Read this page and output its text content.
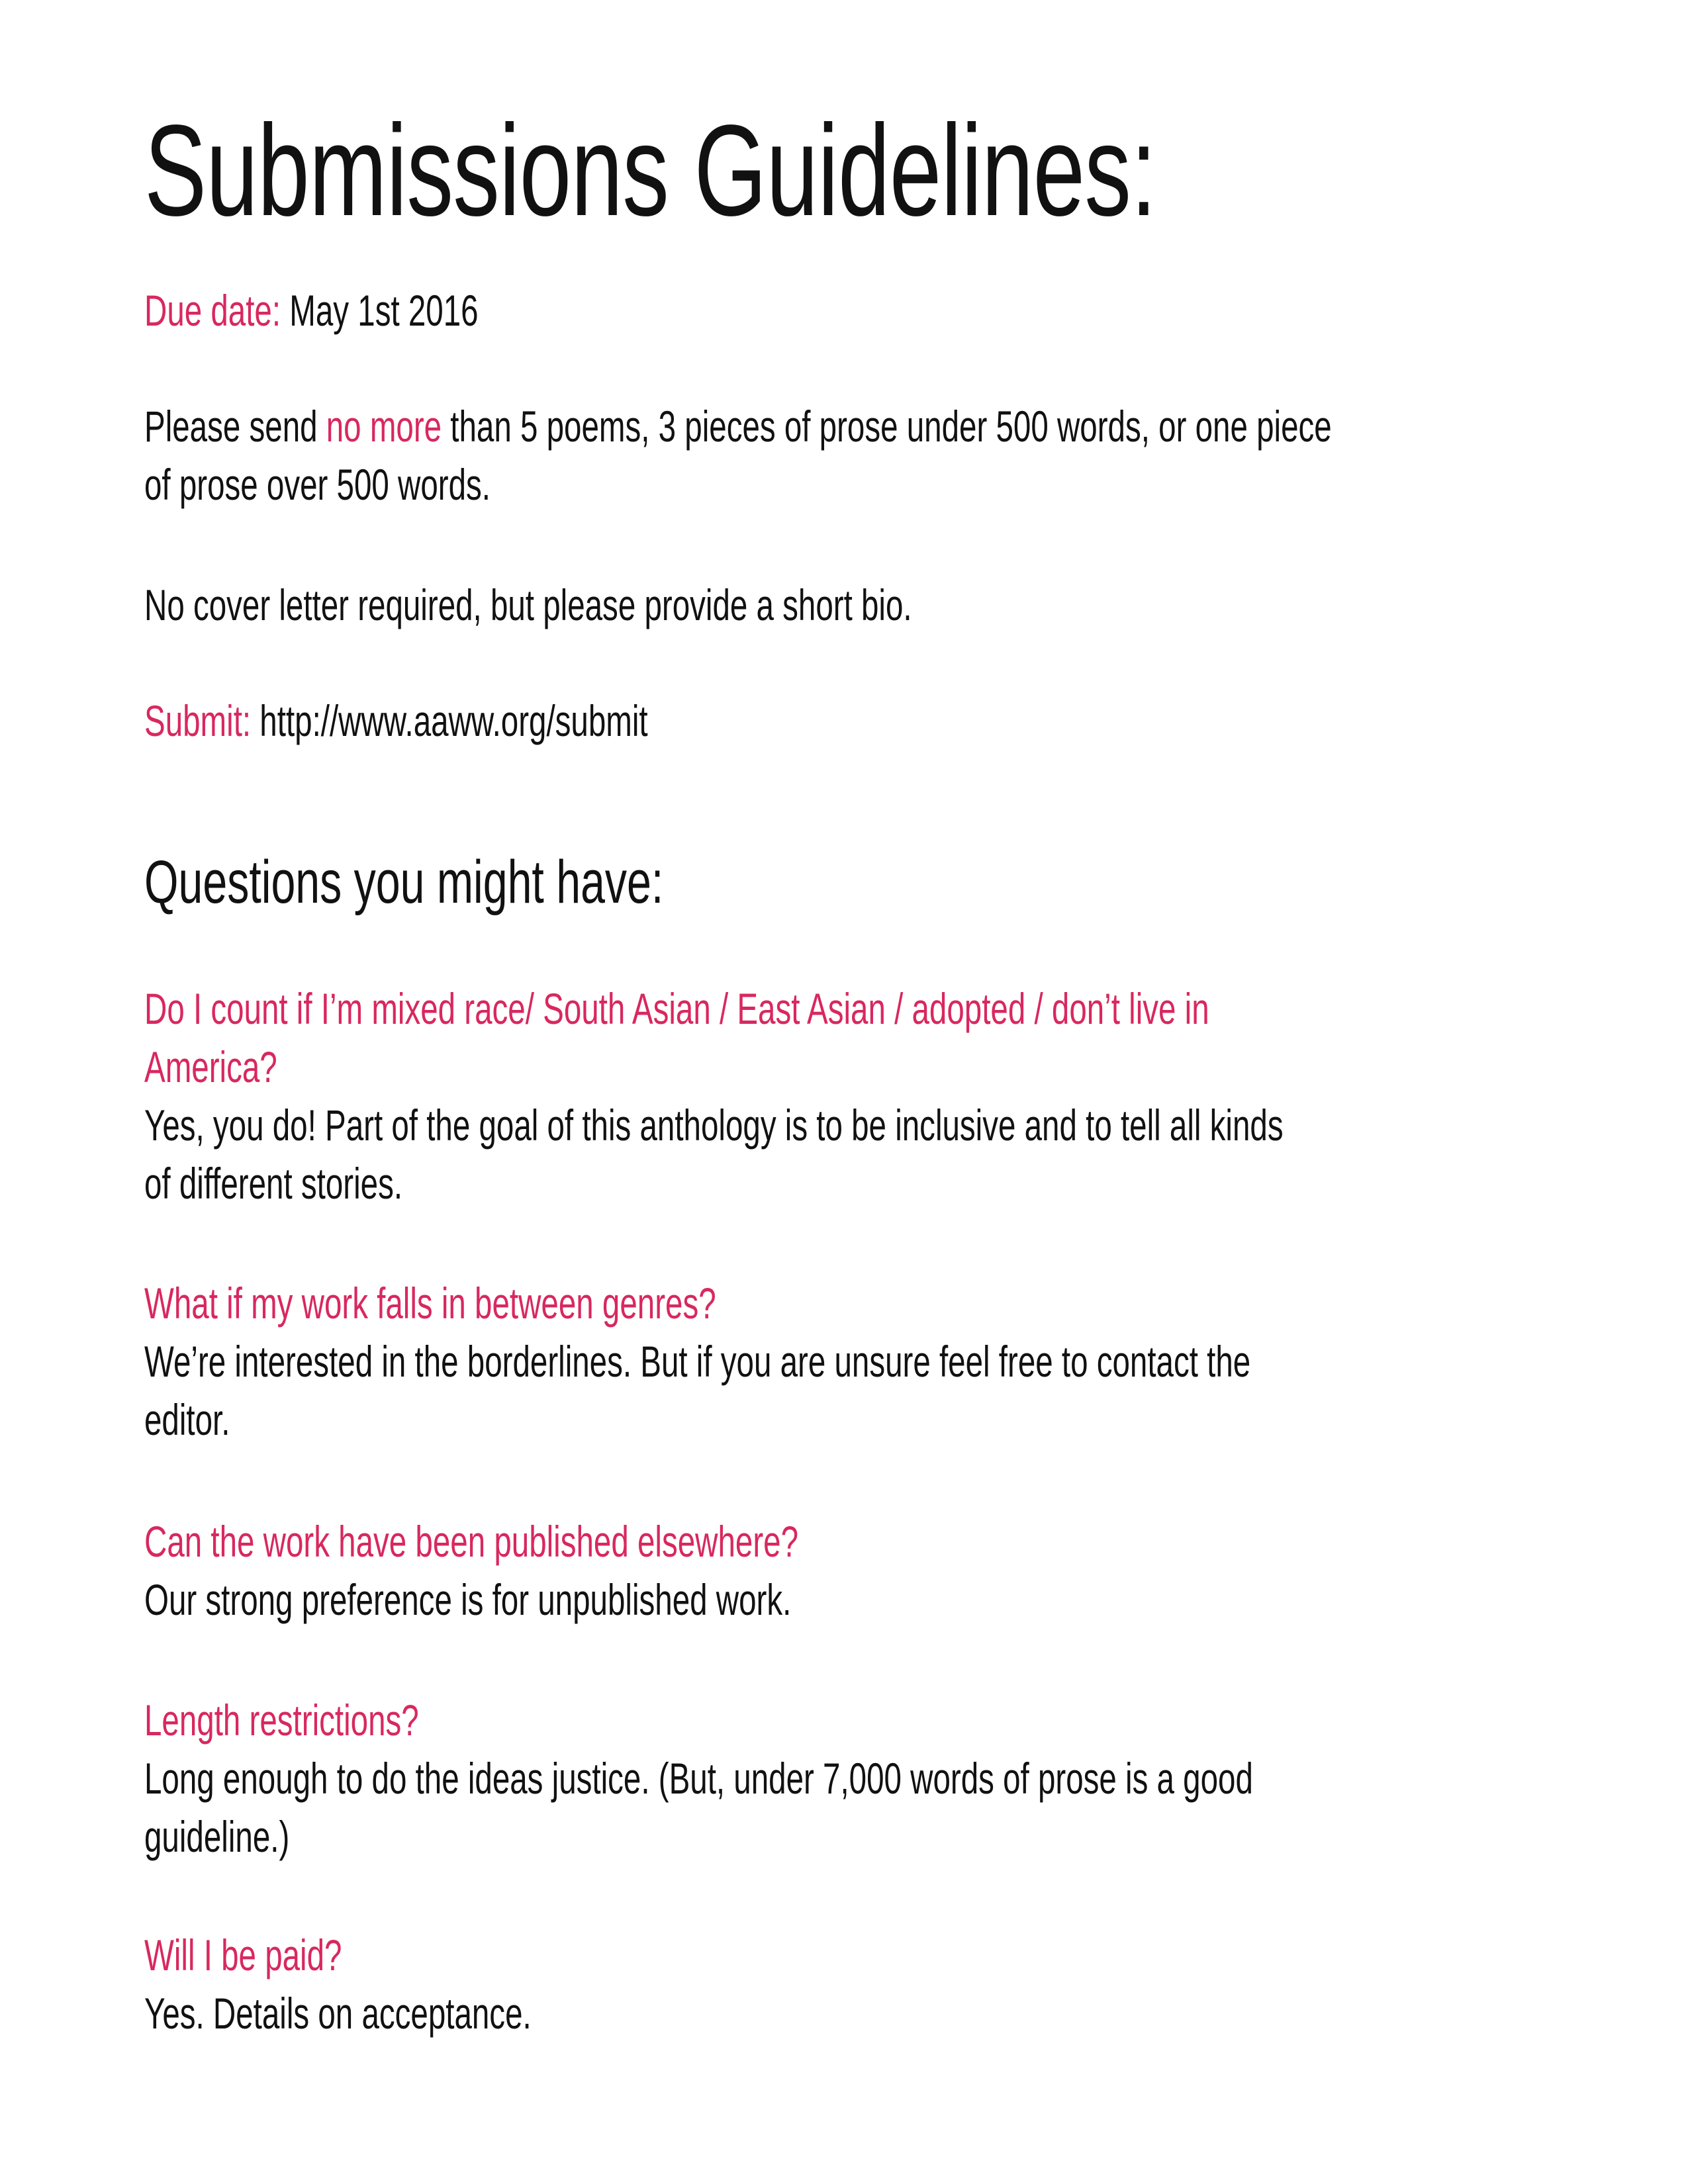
Submissions Guidelines:
Due date: May 1st 2016
Please send no more than 5 poems, 3 pieces of prose under 500 words, or one piece
of prose over 500 words.
No cover letter required, but please provide a short bio.
Submit: http://www.aaww.org/submit
Questions you might have:
Do I count if I’m mixed race/ South Asian / East Asian / adopted / don’t live in
America?
Yes, you do! Part of the goal of this anthology is to be inclusive and to tell all kinds
of different stories.
What if my work falls in between genres?
We’re interested in the borderlines. But if you are unsure feel free to contact the
editor.
Can the work have been published elsewhere?
Our strong preference is for unpublished work.
Length restrictions?
Long enough to do the ideas justice. (But, under 7,000 words of prose is a good
guideline.)
Will I be paid?
Yes. Details on acceptance.
